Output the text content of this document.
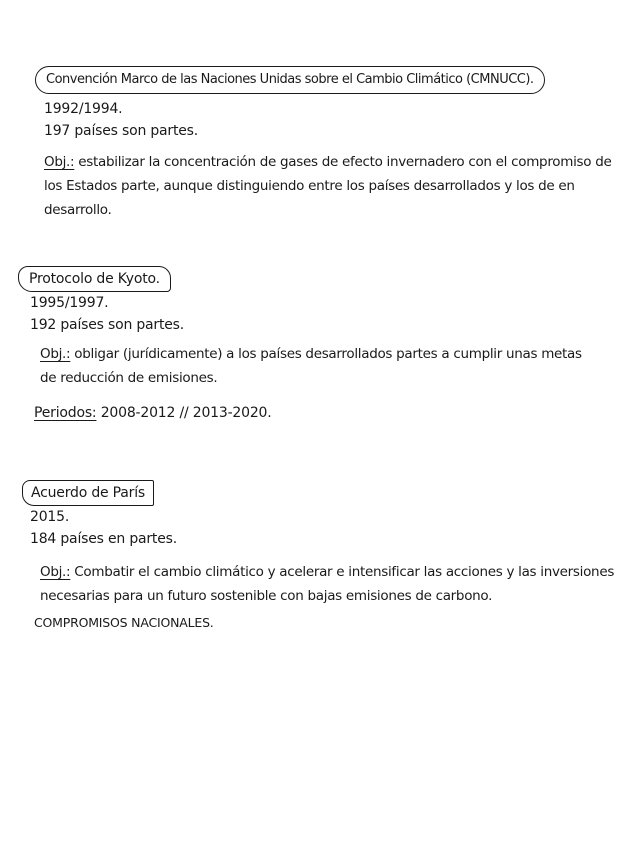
Convención Marco de las Naciones Unidas sobre el Cambio Climático (CMNUCC).
1992/1994.
197 países son partes.
Obj.: estabilizar la concentración de gases de efecto invernadero con el compromiso de los Estados parte, aunque distinguiendo entre los países desarrollados y los de en desarrollo.
Protocolo de Kyoto.
1995/1997.
192 países son partes.
Obj.: obligar (jurídicamente) a los países desarrollados partes a cumplir unas metas de reducción de emisiones.
Periodos: 2008-2012 // 2013-2020.
Acuerdo de París
2015.
184 países en partes.
Obj.: Combatir el cambio climático y acelerar e intensificar las acciones y las inversiones necesarias para un futuro sostenible con bajas emisiones de carbono.
COMPROMISOS NACIONALES.
